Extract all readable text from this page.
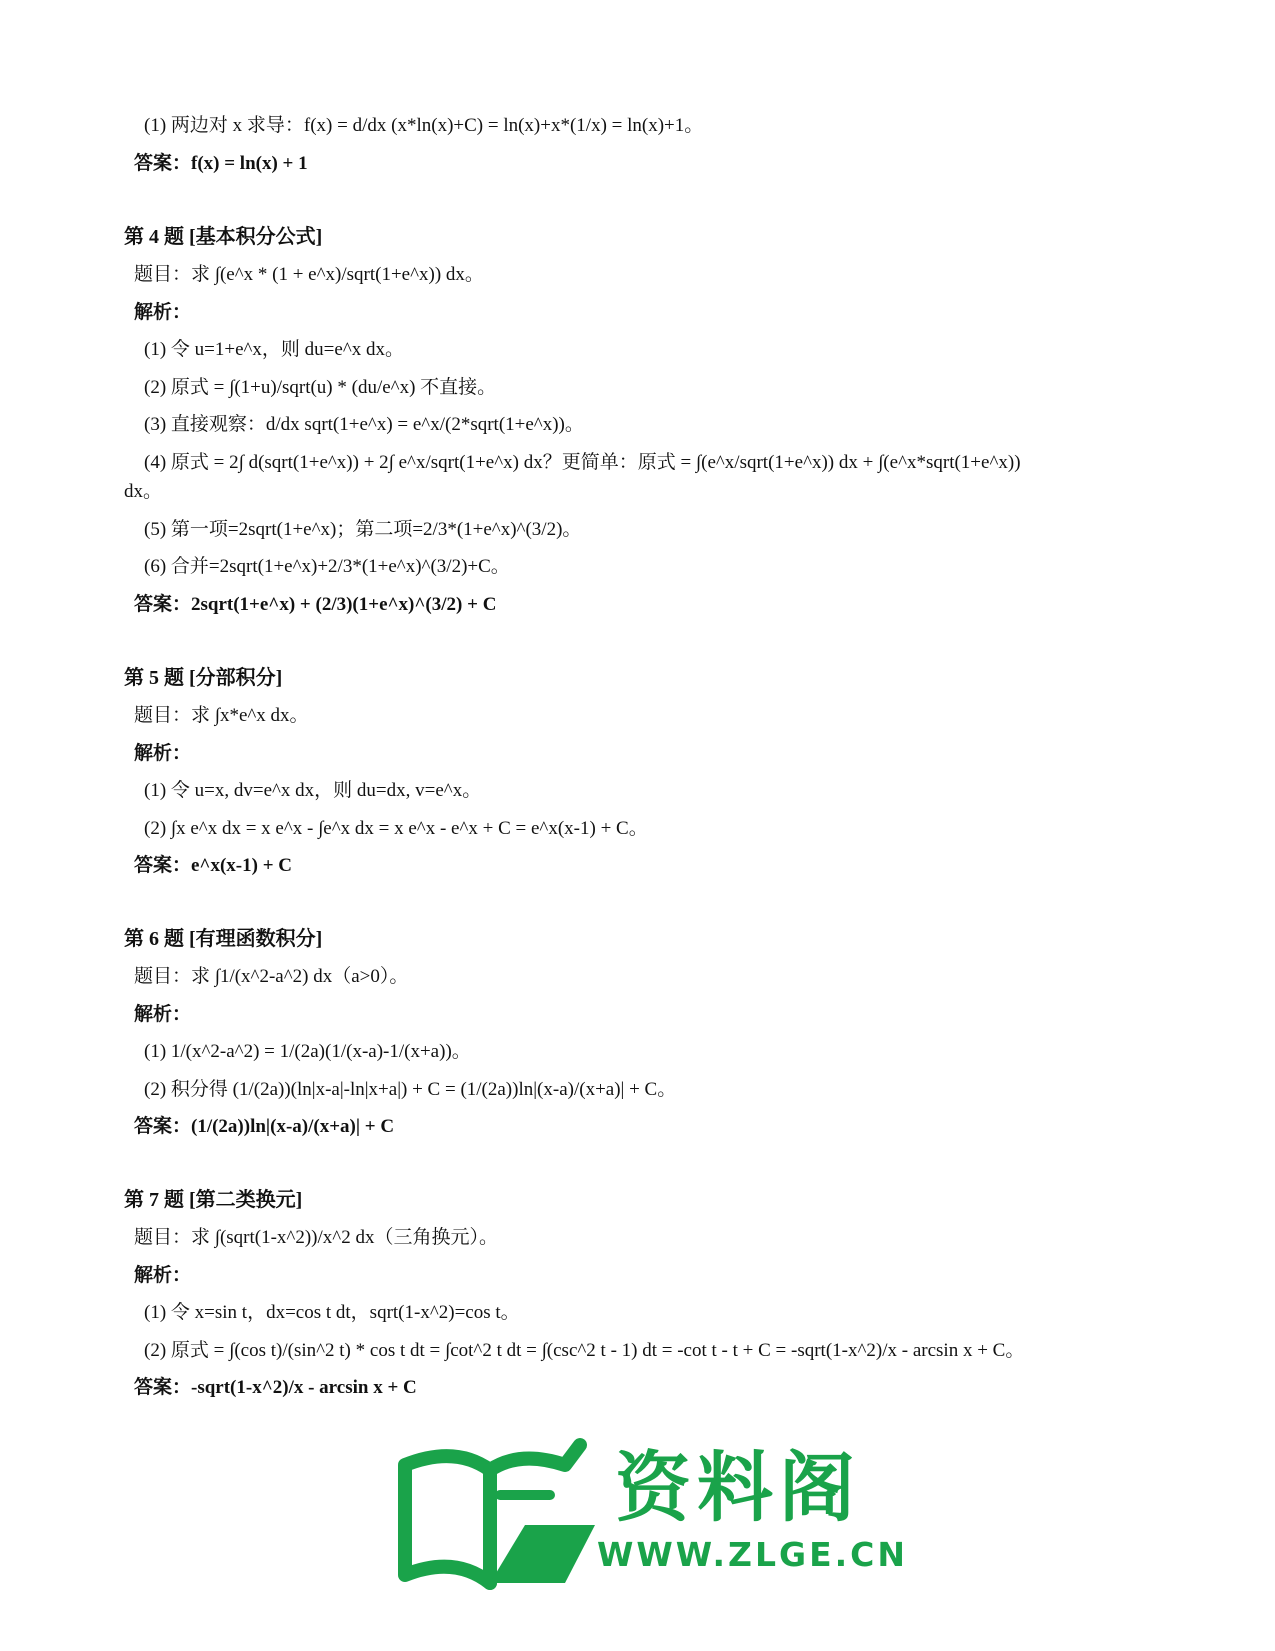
(1) 两边对 x 求导：f(x) = d/dx (x*ln(x)+C) = ln(x)+x*(1/x) = ln(x)+1。
答案：f(x) = ln(x) + 1
第 4 题 [基本积分公式]
题目：求 ∫(e^x * (1 + e^x)/sqrt(1+e^x)) dx。
解析：
(1) 令 u=1+e^x，则 du=e^x dx。
(2) 原式 = ∫(1+u)/sqrt(u) * (du/e^x) 不直接。
(3) 直接观察：d/dx sqrt(1+e^x) = e^x/(2*sqrt(1+e^x))。
(4) 原式 = 2∫ d(sqrt(1+e^x)) + 2∫ e^x/sqrt(1+e^x) dx？更简单：原式 = ∫(e^x/sqrt(1+e^x)) dx + ∫(e^x*sqrt(1+e^x))
dx。
(5) 第一项=2sqrt(1+e^x)；第二项=2/3*(1+e^x)^(3/2)。
(6) 合并=2sqrt(1+e^x)+2/3*(1+e^x)^(3/2)+C。
答案：2sqrt(1+e^x) + (2/3)(1+e^x)^(3/2) + C
第 5 题 [分部积分]
题目：求 ∫x*e^x dx。
解析：
(1) 令 u=x, dv=e^x dx，则 du=dx, v=e^x。
(2) ∫x e^x dx = x e^x - ∫e^x dx = x e^x - e^x + C = e^x(x-1) + C。
答案：e^x(x-1) + C
第 6 题 [有理函数积分]
题目：求 ∫1/(x^2-a^2) dx（a>0）。
解析：
(1) 1/(x^2-a^2) = 1/(2a)(1/(x-a)-1/(x+a))。
(2) 积分得 (1/(2a))(ln|x-a|-ln|x+a|) + C = (1/(2a))ln|(x-a)/(x+a)| + C。
答案：(1/(2a))ln|(x-a)/(x+a)| + C
第 7 题 [第二类换元]
题目：求 ∫(sqrt(1-x^2))/x^2 dx（三角换元）。
解析：
(1) 令 x=sin t，dx=cos t dt，sqrt(1-x^2)=cos t。
(2) 原式 = ∫(cos t)/(sin^2 t) * cos t dt = ∫cot^2 t dt = ∫(csc^2 t - 1) dt = -cot t - t + C = -sqrt(1-x^2)/x - arcsin x + C。
答案：-sqrt(1-x^2)/x - arcsin x + C
资料阁
WWW.ZLGE.CN
